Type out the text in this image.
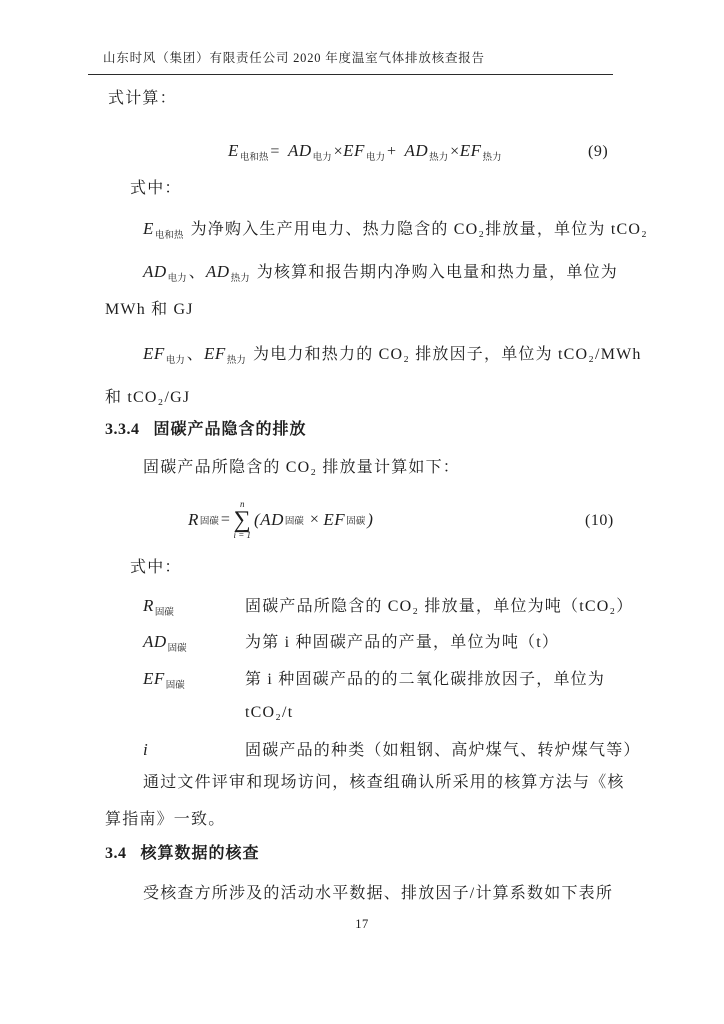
山东时风（集团）有限责任公司 2020 年度温室气体排放核查报告
式计算：
$E_{电和热} = AD_{电力} \times EF_{电力} + AD_{热力} \times EF_{热力}$	(9)
式中：
$E_{电和热}$ 为净购入生产用电力、热力隐含的 CO₂排放量，单位为 tCO₂
$AD_{电力}$ 、$AD_{热力}$ 为核算和报告期内净购入电量和热力量，单位为
MWh 和 GJ
$EF_{电力}$ 、$EF_{热力}$ 为电力和热力的 CO₂ 排放因子，单位为 tCO₂/MWh
和 tCO₂/GJ
3.3.4 固碳产品隐含的排放
固碳产品所隐含的 CO₂ 排放量计算如下：
R 固碳 =
n
∑
i = 1
( AD 固碳
×
EF 固碳 )	(10)
式中：
$R_{固碳}$	固碳产品所隐含的 CO₂ 排放量，单位为吨（tCO₂）
$AD_{固碳}$	为第 i 种固碳产品的产量，单位为吨（t）
$EF_{固碳}$	第 i 种固碳产品的的二氧化碳排放因子，单位为
tCO₂/t
i	固碳产品的种类（如粗钢、高炉煤气、转炉煤气等）
通过文件评审和现场访问，核查组确认所采用的核算方法与《核
算指南》一致。
3.4 核算数据的核查
受核查方所涉及的活动水平数据、排放因子/计算系数如下表所
17
